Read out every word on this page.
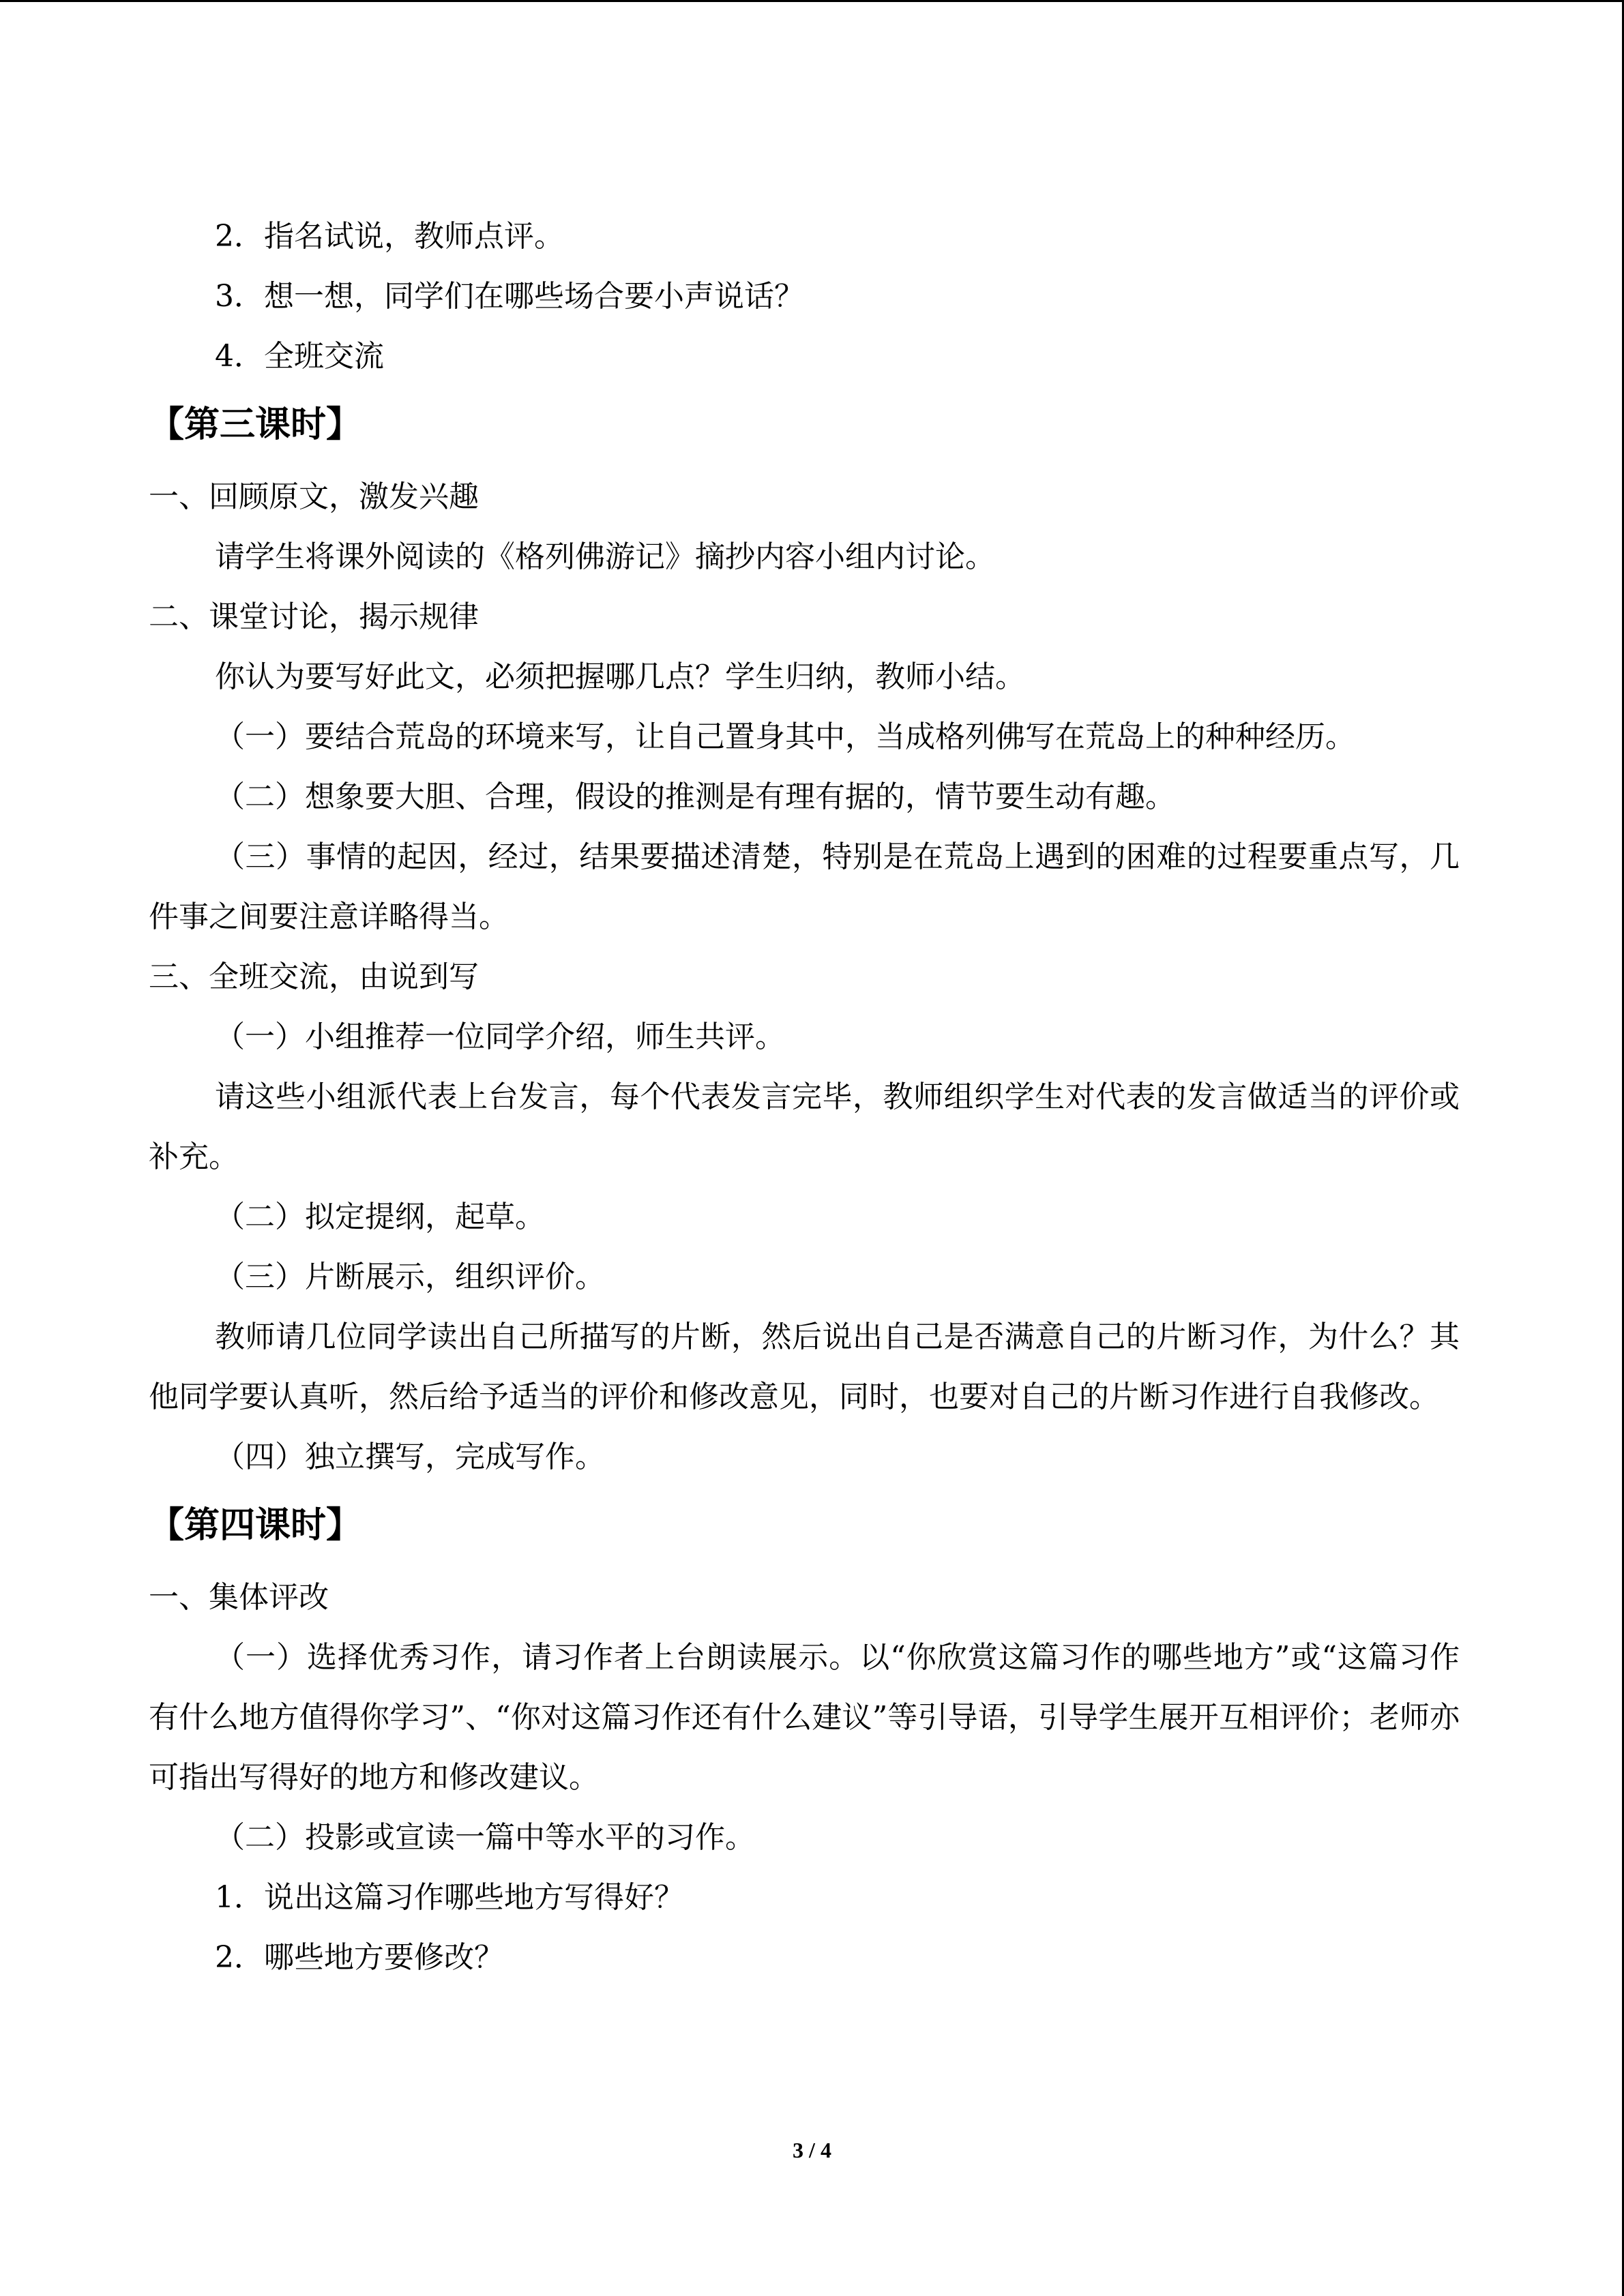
2．指名试说，教师点评。
3．想一想，同学们在哪些场合要小声说话？
4．全班交流
【第三课时】
一、回顾原文，激发兴趣
请学生将课外阅读的《格列佛游记》摘抄内容小组内讨论。
二、课堂讨论，揭示规律
你认为要写好此文，必须把握哪几点？学生归纳，教师小结。
（一）要结合荒岛的环境来写，让自己置身其中，当成格列佛写在荒岛上的种种经历。
（二）想象要大胆、合理，假设的推测是有理有据的，情节要生动有趣。
（三）事情的起因，经过，结果要描述清楚，特别是在荒岛上遇到的困难的过程要重点写，几件事之间要注意详略得当。
三、全班交流，由说到写
（一）小组推荐一位同学介绍，师生共评。
请这些小组派代表上台发言，每个代表发言完毕，教师组织学生对代表的发言做适当的评价或补充。
（二）拟定提纲，起草。
（三）片断展示，组织评价。
教师请几位同学读出自己所描写的片断，然后说出自己是否满意自己的片断习作，为什么？其他同学要认真听，然后给予适当的评价和修改意见，同时，也要对自己的片断习作进行自我修改。
（四）独立撰写，完成写作。
【第四课时】
一、集体评改
（一）选择优秀习作，请习作者上台朗读展示。以“你欣赏这篇习作的哪些地方”或“这篇习作有什么地方值得你学习”、“你对这篇习作还有什么建议”等引导语，引导学生展开互相评价；老师亦可指出写得好的地方和修改建议。
（二）投影或宣读一篇中等水平的习作。
1．说出这篇习作哪些地方写得好？
2．哪些地方要修改？
3 / 4
